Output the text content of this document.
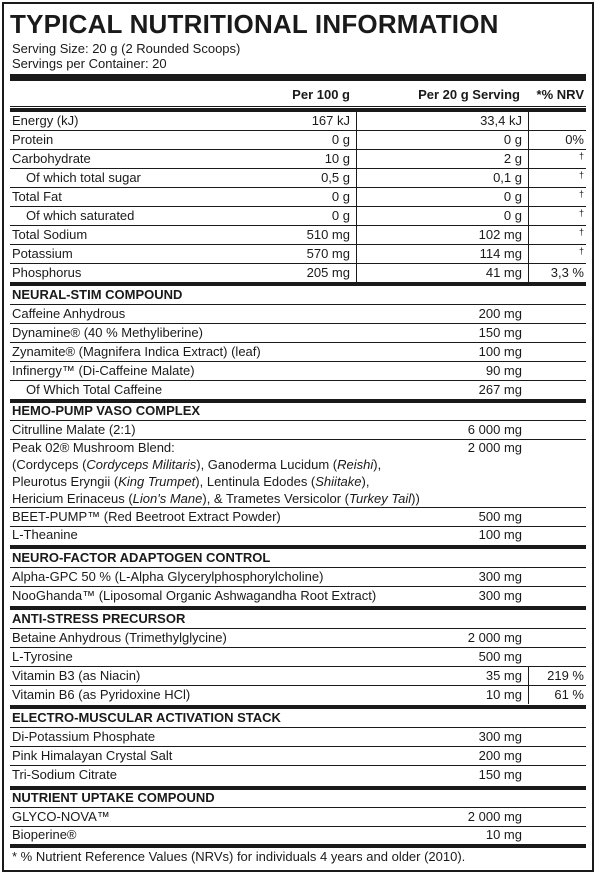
TYPICAL NUTRITIONAL INFORMATION
Serving Size: 20 g (2 Rounded Scoops)
Servings per Container: 20
Per 100 g	Per 20 g Serving *% NRV
Energy (kJ)	167 kJ	33,4 kJ
Protein	0 g	0 g	0%
Carbohydrate	10 g	2 g	†
Of which total sugar	0,5 g	0,1 g	†
Total Fat	0 g	0 g	†
Of which saturated	0 g	0 g	†
Total Sodium	510 mg	102 mg	†
Potassium	570 mg	114 mg	†
Phosphorus	205 mg	41 mg 3,3 %
NEURAL-STIM COMPOUND
Caffeine Anhydrous	200 mg
Dynamine® (40 % Methyliberine)	150 mg
Zynamite® (Magnifera Indica Extract) (leaf)	100 mg
Infinergy™ (Di-Caffeine Malate)	90 mg
Of Which Total Caffeine	267 mg
HEMO-PUMP VASO COMPLEX
Citrulline Malate (2:1)	6 000 mg
Peak 02® Mushroom Blend:	2 000 mg
(Cordyceps (Cordyceps Militaris), Ganoderma Lucidum (Reishi),
Pleurotus Eryngii (King Trumpet), Lentinula Edodes (Shiitake),
Hericium Erinaceus (Lion's Mane), & Trametes Versicolor (Turkey Tail))
BEET-PUMP™ (Red Beetroot Extract Powder)	500 mg
L-Theanine	100 mg
NEURO-FACTOR ADAPTOGEN CONTROL
Alpha-GPC 50 % (L-Alpha Glycerylphosphorylcholine)	300 mg
NooGhanda™ (Liposomal Organic Ashwagandha Root Extract)	300 mg
ANTI-STRESS PRECURSOR
Betaine Anhydrous (Trimethylglycine)	2 000 mg
L-Tyrosine	500 mg
Vitamin B3 (as Niacin)	35 mg 219 %
Vitamin B6 (as Pyridoxine HCl)	10 mg 61 %
ELECTRO-MUSCULAR ACTIVATION STACK
Di-Potassium Phosphate	300 mg
Pink Himalayan Crystal Salt	200 mg
Tri-Sodium Citrate	150 mg
NUTRIENT UPTAKE COMPOUND
GLYCO-NOVA™	2 000 mg
Bioperine®	10 mg
* % Nutrient Reference Values (NRVs) for individuals 4 years and older (2010).
